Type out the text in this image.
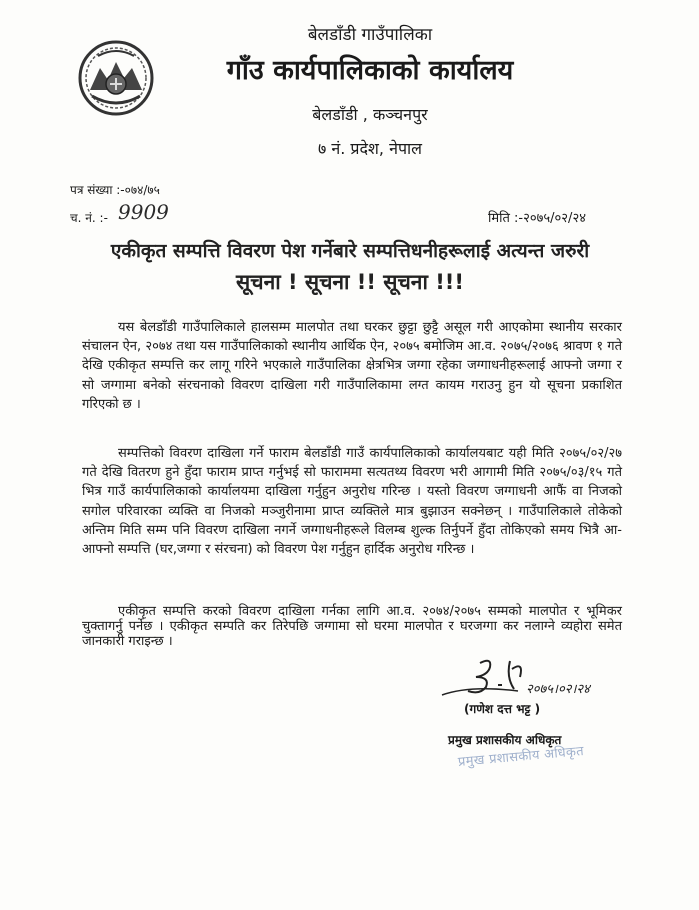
बेलडाँडी गाउँपालिका
गाँउ कार्यपालिकाको कार्यालय
बेलडाँडी , कञ्चनपुर
७ नं. प्रदेश, नेपाल
पत्र संख्या :-०७४/७५
च. नं. :- 9909	मिति :-२०७५/०२/२४
एकीकृत सम्पत्ति विवरण पेश गर्नेबारे सम्पत्तिधनीहरूलाई अत्यन्त जरुरी
सूचना ! सूचना !! सूचना !!!
यस बेलडाँडी गाउँपालिकाले हालसम्म मालपोत तथा घरकर छुट्टा छुट्टै असूल गरी आएकोमा स्थानीय सरकार संचालन ऐन, २०७४ तथा यस गाउँपालिकाको स्थानीय आर्थिक ऐन, २०७५ बमोजिम आ.व. २०७५/२०७६ श्रावण १ गते देखि एकीकृत सम्पत्ति कर लागू गरिने भएकाले गाउँपालिका क्षेत्रभित्र जग्गा रहेका जग्गाधनीहरूलाई आफ्नो जग्गा र सो जग्गामा बनेको संरचनाको विवरण दाखिला गरी गाउँपालिकामा लग्त कायम गराउनु हुन यो सूचना प्रकाशित गरिएको छ ।
सम्पत्तिको विवरण दाखिला गर्ने फाराम बेलडाँडी गाउँ कार्यपालिकाको कार्यालयबाट यही मिति २०७५/०२/२७ गते देखि वितरण हुने हुँदा फाराम प्राप्त गर्नुभई सो फाराममा सत्यतथ्य विवरण भरी आगामी मिति २०७५/०३/१५ गते भित्र गाउँ कार्यपालिकाको कार्यालयमा दाखिला गर्नुहुन अनुरोध गरिन्छ । यस्तो विवरण जग्गाधनी आफैं वा निजको सगोल परिवारका व्यक्ति वा निजको मञ्जुरीनामा प्राप्त व्यक्तिले मात्र बुझाउन सक्नेछन् । गाउँपालिकाले तोकेको अन्तिम मिति सम्म पनि विवरण दाखिला नगर्ने जग्गाधनीहरूले विलम्ब शुल्क तिर्नुपर्ने हुँदा तोकिएको समय भित्रै आ-आफ्नो सम्पत्ति (घर,जग्गा र संरचना) को विवरण पेश गर्नुहुन हार्दिक अनुरोध गरिन्छ ।
एकीकृत सम्पत्ति करको विवरण दाखिला गर्नका लागि आ.व. २०७४/२०७५ सम्मको मालपोत र भूमिकर चुक्तागर्नु पर्नेछ । एकीकृत सम्पति कर तिरेपछि जग्गामा सो घरमा मालपोत र घरजग्गा कर नलाग्ने व्यहोरा समेत जानकारी गराइन्छ ।
२०७५।०२।२४
(गणेश दत्त भट्ट )
प्रमुख प्रशासकीय अधिकृत
प्रमुख प्रशासकीय अधिकृत
